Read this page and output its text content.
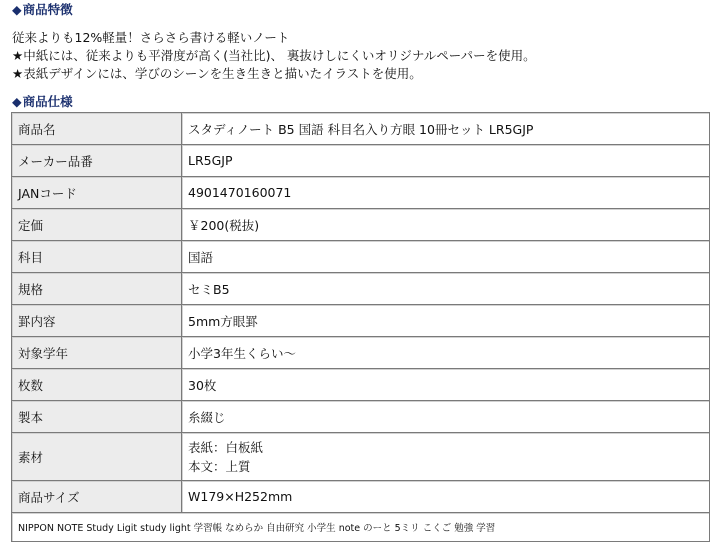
◆商品特徴
従来よりも12%軽量！さらさら書ける軽いノート
★中紙には、従来よりも平滑度が高く(当社比)、 裏抜けしにくいオリジナルペーパーを使用。
★表紙デザインには、学びのシーンを生き生きと描いたイラストを使用。
◆商品仕様
商品名	スタディノート B5 国語 科目名入り方眼 10冊セット LR5GJP
メーカー品番	LR5GJP
JANコード	4901470160071
定価	￥200(税抜)
科目	国語
規格	セミB5
罫内容	5mm方眼罫
対象学年	小学3年生くらい～
枚数	30枚
製本	糸綴じ
素材	表紙：白板紙
本文：上質

商品サイズ	W179×H252mm
NIPPON NOTE Study Ligit study light 学習帳 なめらか 自由研究 小学生 note のーと 5ミリ こくご 勉強 学習	
